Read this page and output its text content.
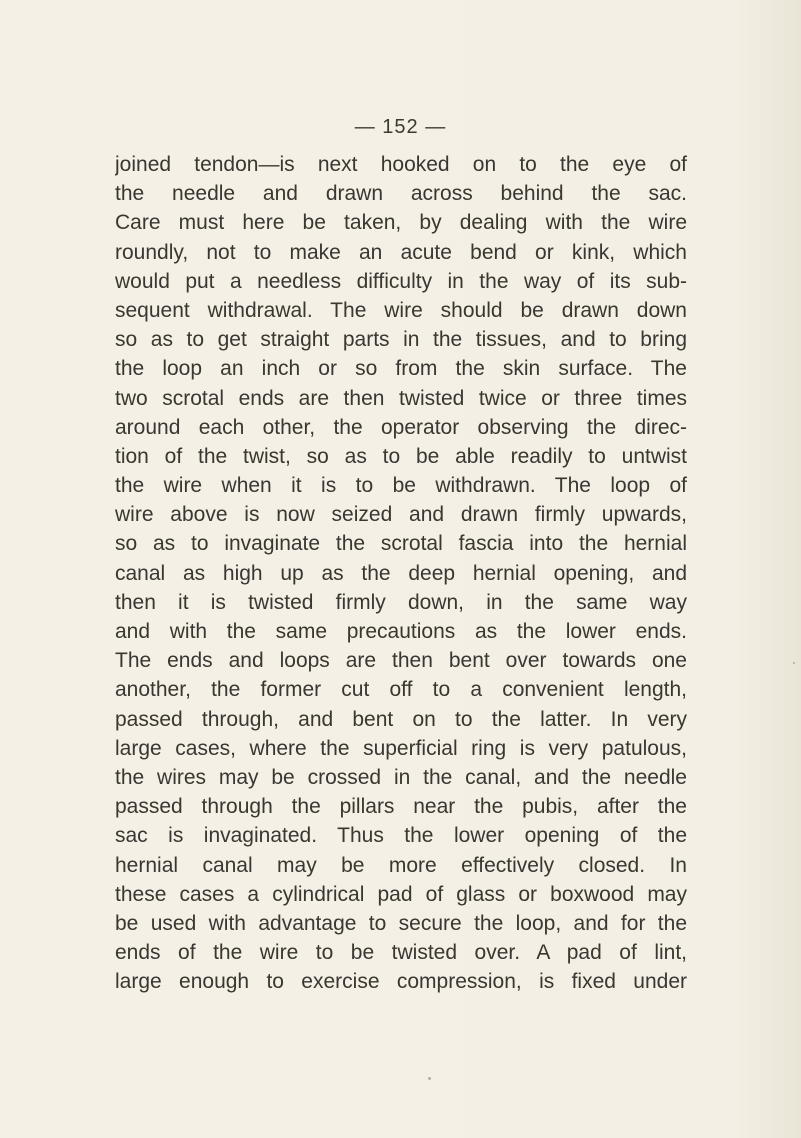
— 152 —
joined tendon—is next hooked on to the eye of
the needle and drawn across behind the sac.
Care must here be taken, by dealing with the wire
roundly, not to make an acute bend or kink, which
would put a needless difficulty in the way of its sub-
sequent withdrawal. The wire should be drawn down
so as to get straight parts in the tissues, and to bring
the loop an inch or so from the skin surface. The
two scrotal ends are then twisted twice or three times
around each other, the operator observing the direc-
tion of the twist, so as to be able readily to untwist
the wire when it is to be withdrawn. The loop of
wire above is now seized and drawn firmly upwards,
so as to invaginate the scrotal fascia into the hernial
canal as high up as the deep hernial opening, and
then it is twisted firmly down, in the same way
and with the same precautions as the lower ends.
The ends and loops are then bent over towards one
another, the former cut off to a convenient length,
passed through, and bent on to the latter. In very
large cases, where the superficial ring is very patulous,
the wires may be crossed in the canal, and the needle
passed through the pillars near the pubis, after the
sac is invaginated. Thus the lower opening of the
hernial canal may be more effectively closed. In
these cases a cylindrical pad of glass or boxwood may
be used with advantage to secure the loop, and for the
ends of the wire to be twisted over. A pad of lint,
large enough to exercise compression, is fixed under
